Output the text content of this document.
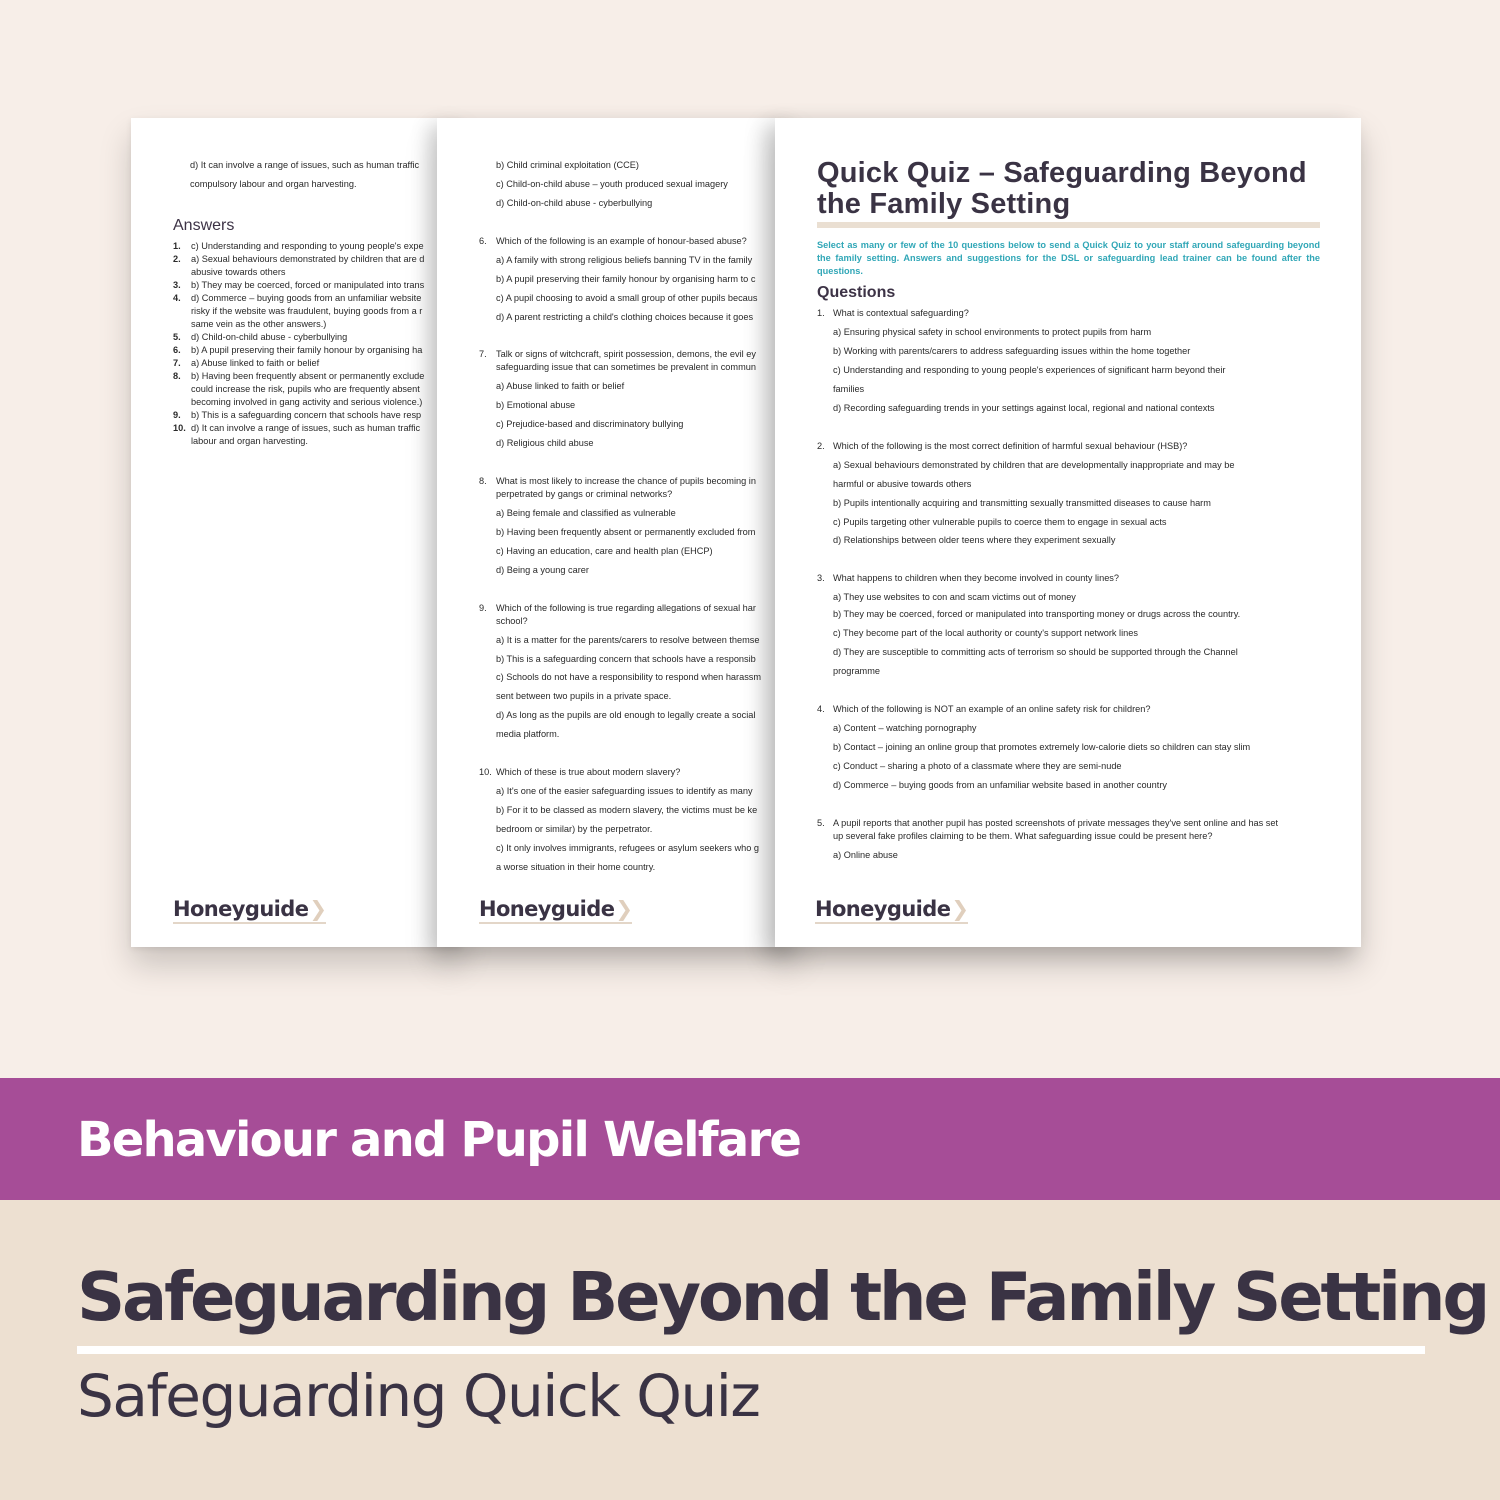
d) It can involve a range of issues, such as human traffic
compulsory labour and organ harvesting.
Answers
1.	c) Understanding and responding to young people's expe
2.	a) Sexual behaviours demonstrated by children that are d
abusive towards others
3.	b) They may be coerced, forced or manipulated into trans
4.	d) Commerce – buying goods from an unfamiliar website
risky if the website was fraudulent, buying goods from a r
same vein as the other answers.)
5.	d) Child-on-child abuse - cyberbullying
6.	b) A pupil preserving their family honour by organising ha
7.	a) Abuse linked to faith or belief
8.	b) Having been frequently absent or permanently exclude
could increase the risk, pupils who are frequently absent
becoming involved in gang activity and serious violence.)
9.	b) This is a safeguarding concern that schools have resp
10. d) It can involve a range of issues, such as human traffic
labour and organ harvesting.
Honeyguide❯
b) Child criminal exploitation (CCE)
c) Child-on-child abuse – youth produced sexual imagery
d) Child-on-child abuse - cyberbullying
6. Which of the following is an example of honour-based abuse?
a) A family with strong religious beliefs banning TV in the family
b) A pupil preserving their family honour by organising harm to c
c) A pupil choosing to avoid a small group of other pupils becaus
d) A parent restricting a child's clothing choices because it goes
7. Talk or signs of witchcraft, spirit possession, demons, the evil ey
safeguarding issue that can sometimes be prevalent in commun
a) Abuse linked to faith or belief
b) Emotional abuse
c) Prejudice-based and discriminatory bullying
d) Religious child abuse
8. What is most likely to increase the chance of pupils becoming in
perpetrated by gangs or criminal networks?
a) Being female and classified as vulnerable
b) Having been frequently absent or permanently excluded from
c) Having an education, care and health plan (EHCP)
d) Being a young carer
9. Which of the following is true regarding allegations of sexual har
school?
a) It is a matter for the parents/carers to resolve between themse
b) This is a safeguarding concern that schools have a responsib
c) Schools do not have a responsibility to respond when harassm
sent between two pupils in a private space.
d) As long as the pupils are old enough to legally create a social
media platform.
10. Which of these is true about modern slavery?
a) It's one of the easier safeguarding issues to identify as many
b) For it to be classed as modern slavery, the victims must be ke
bedroom or similar) by the perpetrator.
c) It only involves immigrants, refugees or asylum seekers who g
a worse situation in their home country.
Honeyguide❯
Quick Quiz – Safeguarding Beyond the Family Setting
Select as many or few of the 10 questions below to send a Quick Quiz to your staff around safeguarding beyond the family setting. Answers and suggestions for the DSL or safeguarding lead trainer can be found after the questions.
Questions
1. What is contextual safeguarding?
a) Ensuring physical safety in school environments to protect pupils from harm
b) Working with parents/carers to address safeguarding issues within the home together
c) Understanding and responding to young people's experiences of significant harm beyond their
families
d) Recording safeguarding trends in your settings against local, regional and national contexts
2. Which of the following is the most correct definition of harmful sexual behaviour (HSB)?
a) Sexual behaviours demonstrated by children that are developmentally inappropriate and may be
harmful or abusive towards others
b) Pupils intentionally acquiring and transmitting sexually transmitted diseases to cause harm
c) Pupils targeting other vulnerable pupils to coerce them to engage in sexual acts
d) Relationships between older teens where they experiment sexually
3. What happens to children when they become involved in county lines?
a) They use websites to con and scam victims out of money
b) They may be coerced, forced or manipulated into transporting money or drugs across the country.
c) They become part of the local authority or county's support network lines
d) They are susceptible to committing acts of terrorism so should be supported through the Channel
programme
4. Which of the following is NOT an example of an online safety risk for children?
a) Content – watching pornography
b) Contact – joining an online group that promotes extremely low-calorie diets so children can stay slim
c) Conduct – sharing a photo of a classmate where they are semi-nude
d) Commerce – buying goods from an unfamiliar website based in another country
5. A pupil reports that another pupil has posted screenshots of private messages they've sent online and has set
up several fake profiles claiming to be them. What safeguarding issue could be present here?
a) Online abuse
Honeyguide❯
Behaviour and Pupil Welfare
Safeguarding Beyond the Family Setting
Safeguarding Quick Quiz
